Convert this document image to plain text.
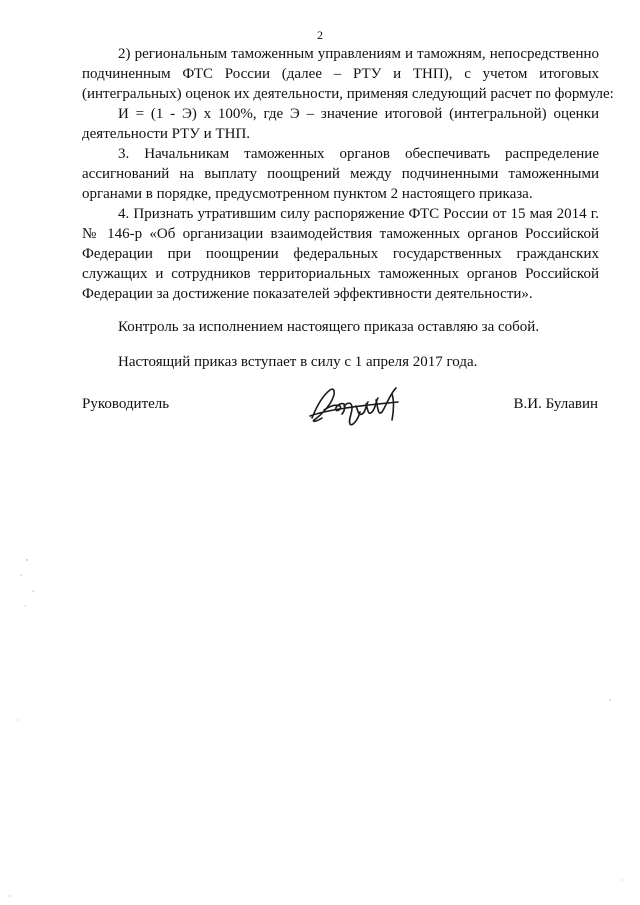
2
2) региональным таможенным управлениям и таможням, непосредственно
подчиненным ФТС России (далее – РТУ и ТНП), с учетом итоговых
(интегральных) оценок их деятельности, применяя следующий расчет по формуле:
И = (1 - Э) х 100%, где Э – значение итоговой (интегральной) оценки
деятельности РТУ и ТНП.
3. Начальникам таможенных органов обеспечивать распределение
ассигнований на выплату поощрений между подчиненными таможенными
органами в порядке, предусмотренном пунктом 2 настоящего приказа.
4. Признать утратившим силу распоряжение ФТС России от 15 мая 2014 г.
№ 146-р «Об организации взаимодействия таможенных органов Российской
Федерации при поощрении федеральных государственных гражданских
служащих и сотрудников территориальных таможенных органов Российской
Федерации за достижение показателей эффективности деятельности».
Контроль за исполнением настоящего приказа оставляю за собой.
Настоящий приказ вступает в силу с 1 апреля 2017 года.
Руководитель	В.И. Булавин
